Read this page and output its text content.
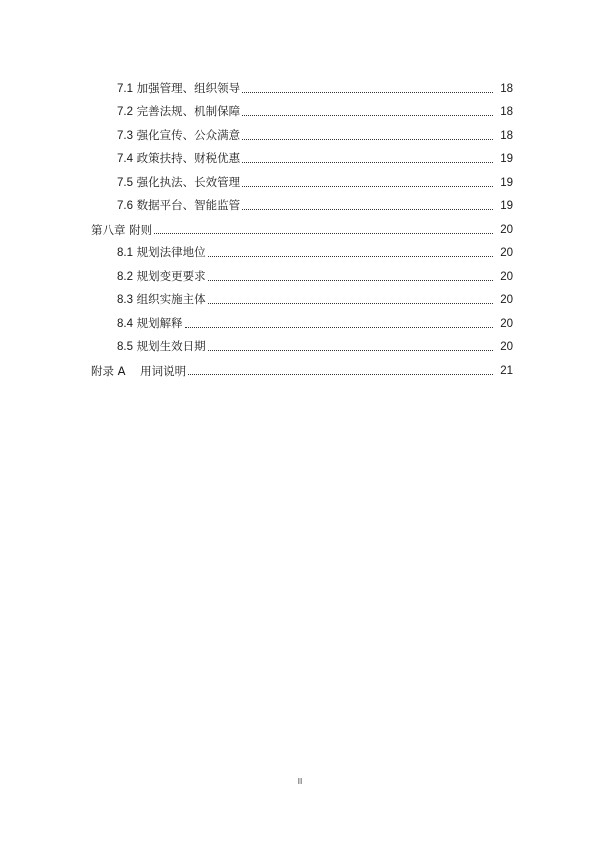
7.1 加强管理、组织领导	18
7.2 完善法规、机制保障	18
7.3 强化宣传、公众满意	18
7.4 政策扶持、财税优惠	19
7.5 强化执法、长效管理	19
7.6 数据平台、智能监管	19
第八章 附则	20
8.1 规划法律地位	20
8.2 规划变更要求	20
8.3 组织实施主体	20
8.4 规划解释	20
8.5 规划生效日期	20
附录 A    用词说明	21
II
